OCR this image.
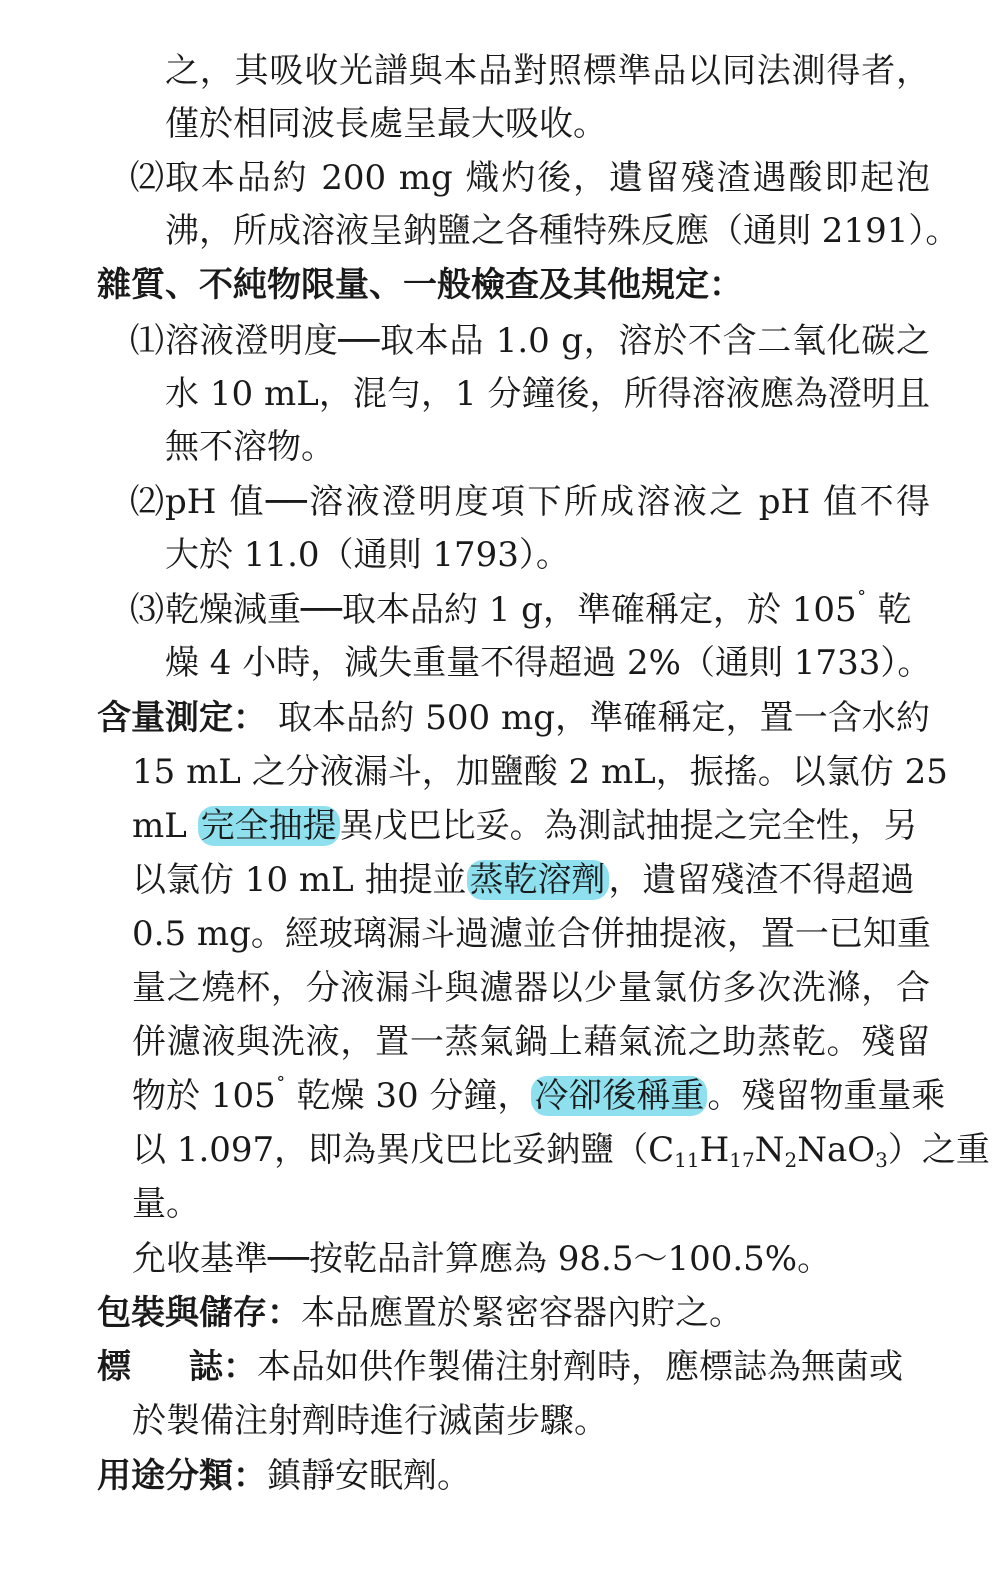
之，其吸收光譜與本品對照標準品以同法測得者，
僅於相同波長處呈最大吸收。
⑵ 取本品約 200 mg 熾灼後，遺留殘渣遇酸即起泡
沸，所成溶液呈鈉鹽之各種特殊反應（通則 2191）。
雜質、不純物限量、一般檢查及其他規定：
⑴ 溶液澄明度──取本品 1.0 g，溶於不含二氧化碳之
水 10 mL，混勻，1 分鐘後，所得溶液應為澄明且
無不溶物。
⑵ pH 值──溶液澄明度項下所成溶液之 pH 值不得
大於 11.0（通則 1793）。
⑶ 乾燥減重──取本品約 1 g，準確稱定，於 105˚ 乾
燥 4 小時，減失重量不得超過 2%（通則 1733）。
含量測定： 取本品約 500 mg，準確稱定，置一含水約
15 mL 之分液漏斗，加鹽酸 2 mL，振搖。以氯仿 25
mL 完全抽提異戊巴比妥。為測試抽提之完全性，另
以氯仿 10 mL 抽提並蒸乾溶劑，遺留殘渣不得超過
0.5 mg。經玻璃漏斗過濾並合併抽提液，置一已知重
量之燒杯，分液漏斗與濾器以少量氯仿多次洗滌，合
併濾液與洗液，置一蒸氣鍋上藉氣流之助蒸乾。殘留
物於 105˚ 乾燥 30 分鐘，冷卻後稱重。殘留物重量乘
以 1.097，即為異戊巴比妥鈉鹽$(C_{11}H_{17}N_2NaO_3)$之重
量。
允收基準──按乾品計算應為 98.5～100.5%。
包裝與儲存：本品應置於緊密容器內貯之。
標 誌：本品如供作製備注射劑時，應標誌為無菌或
於製備注射劑時進行滅菌步驟。
用途分類：鎮靜安眠劑。
